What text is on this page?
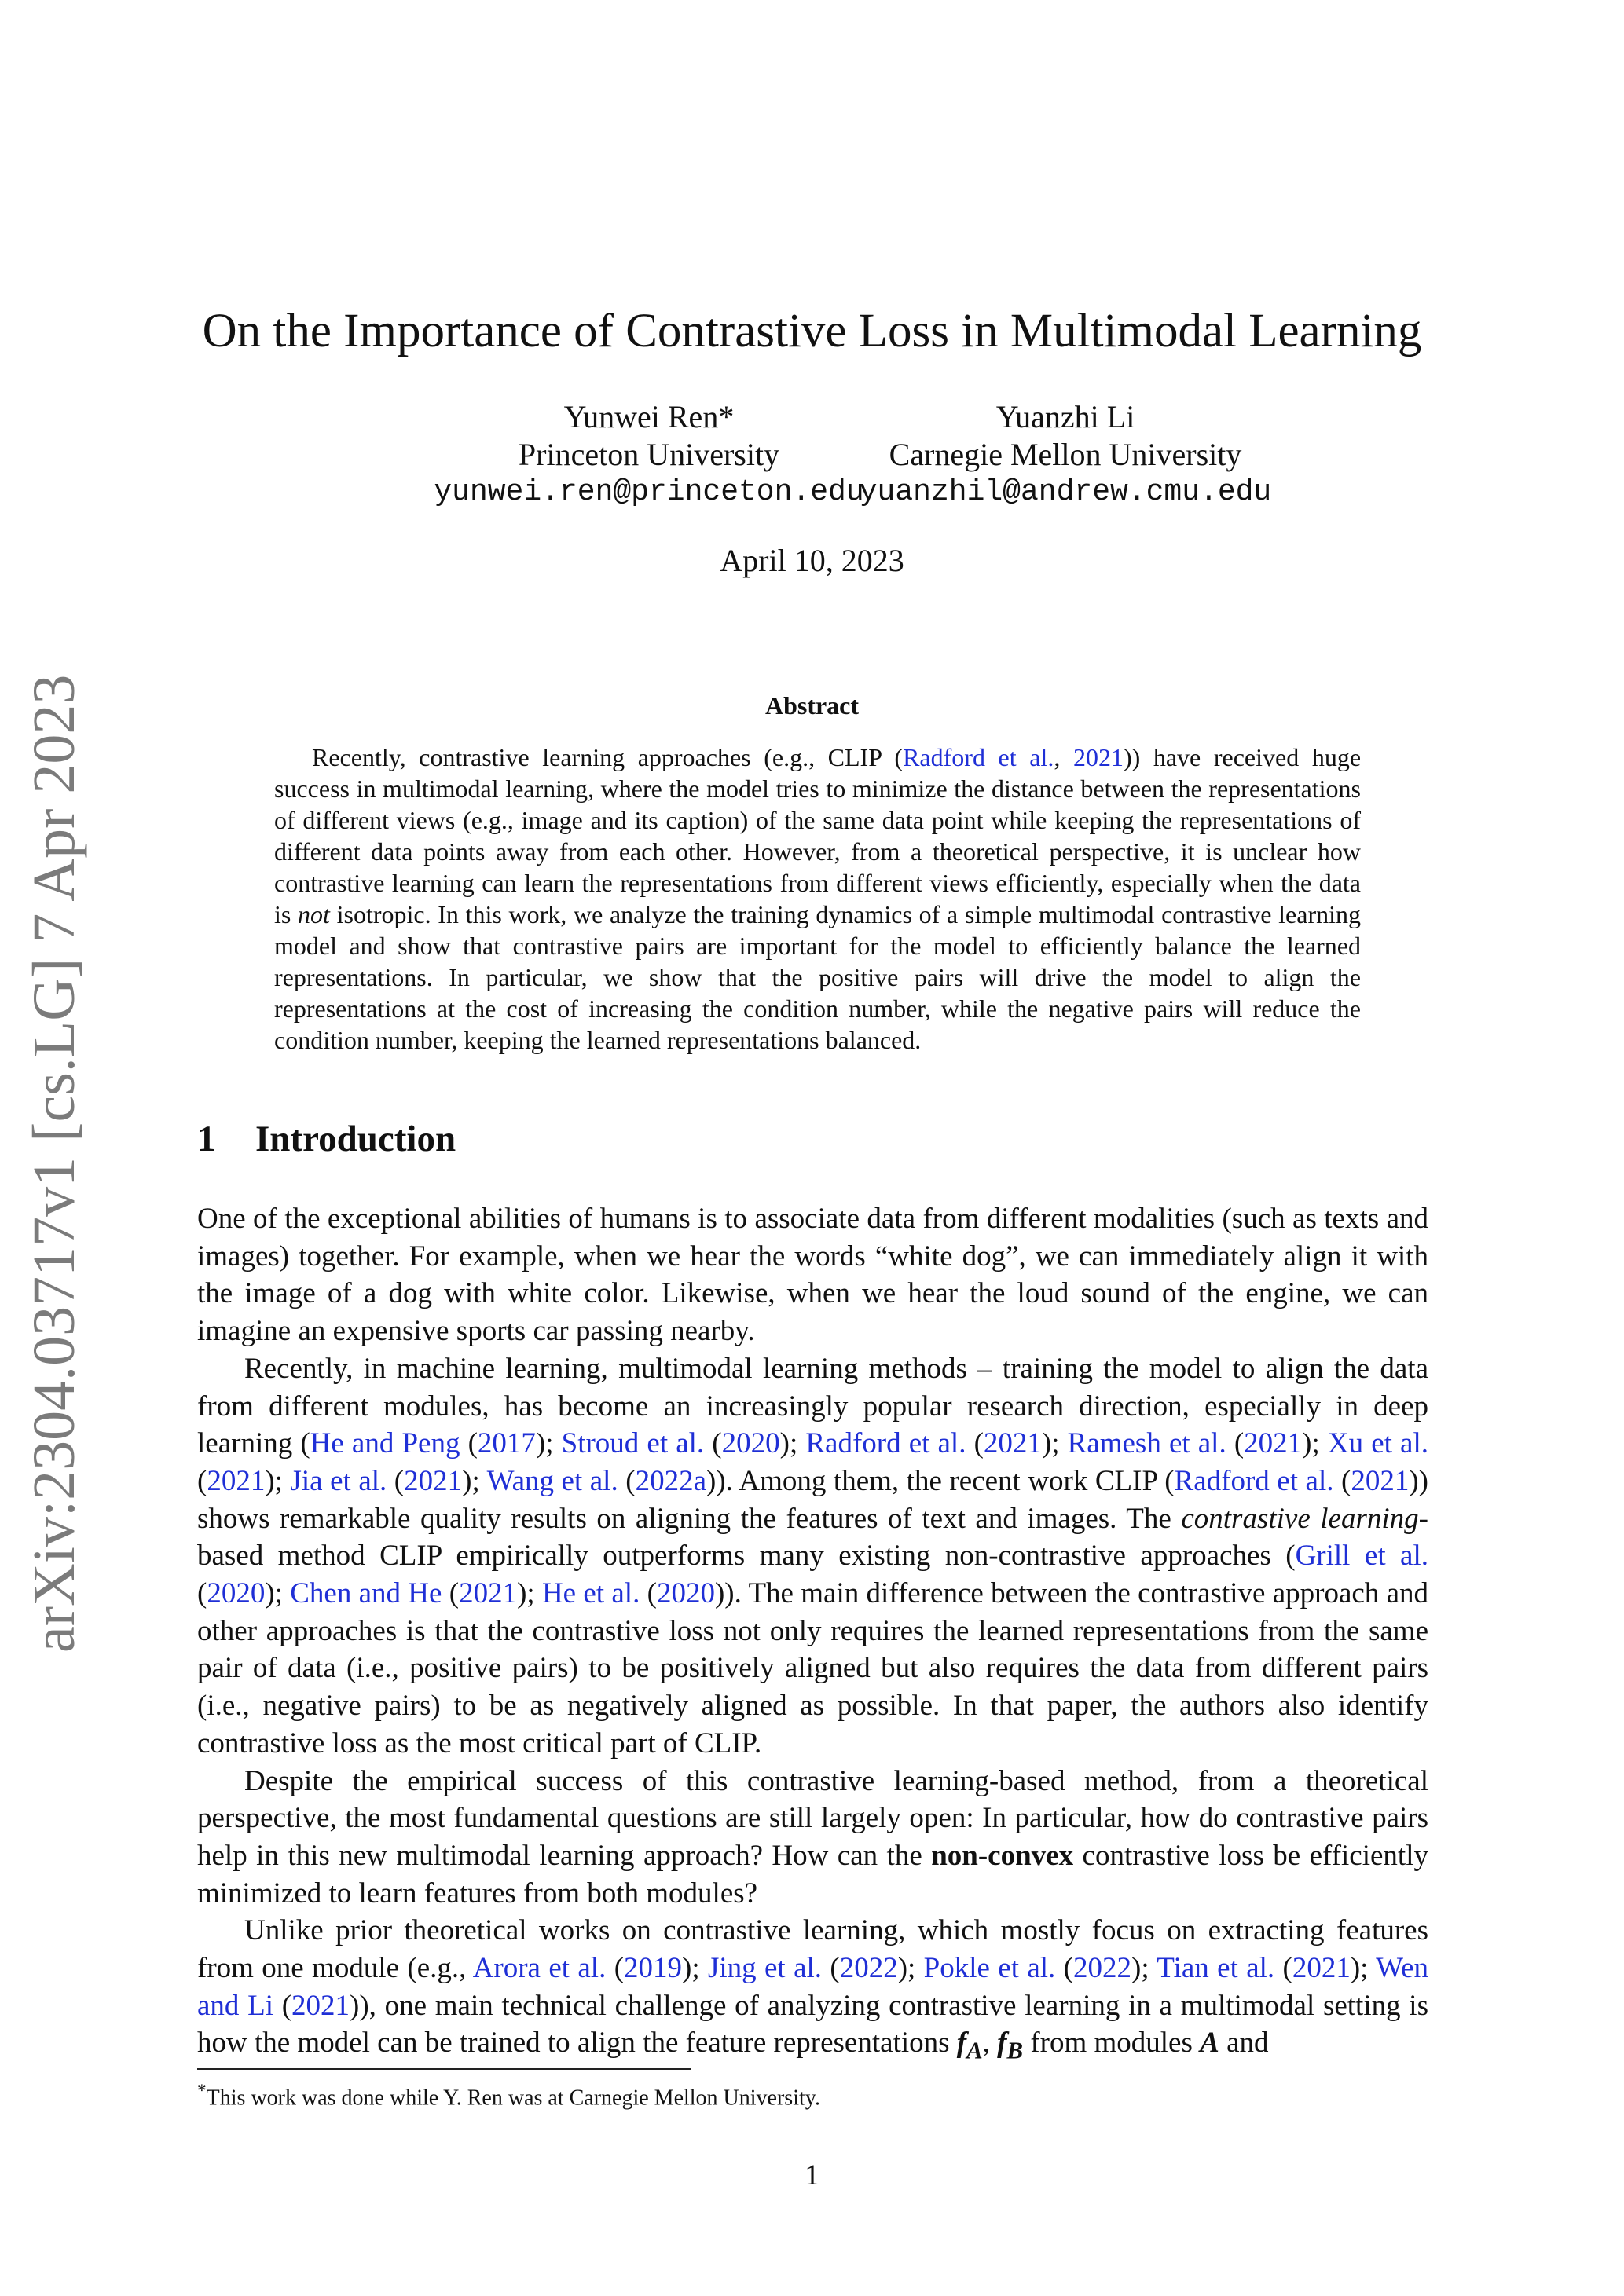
arXiv:2304.03717v1 [cs.LG] 7 Apr 2023
On the Importance of Contrastive Loss in Multimodal Learning
Yunwei Ren*
Princeton University
yunwei.ren@princeton.edu
Yuanzhi Li
Carnegie Mellon University
yuanzhil@andrew.cmu.edu
April 10, 2023
Abstract

Recently, contrastive learning approaches (e.g., CLIP (Radford et al., 2021)) have received huge success in multimodal learning, where the model tries to minimize the distance between the representations of different views (e.g., image and its caption) of the same data point while keeping the representations of different data points away from each other. However, from a theoretical perspective, it is unclear how contrastive learning can learn the representations from different views efficiently, especially when the data is not isotropic. In this work, we analyze the training dynamics of a simple multimodal contrastive learning model and show that contrastive pairs are important for the model to efficiently balance the learned representations. In particular, we show that the positive pairs will drive the model to align the representations at the cost of increasing the condition number, while the negative pairs will reduce the condition number, keeping the learned representations balanced.

1 Introduction

One of the exceptional abilities of humans is to associate data from different modalities (such as texts and images) together. For example, when we hear the words “white dog”, we can immediately align it with the image of a dog with white color. Likewise, when we hear the loud sound of the engine, we can imagine an expensive sports car passing nearby.

Recently, in machine learning, multimodal learning methods – training the model to align the data from different modules, has become an increasingly popular research direction, especially in deep learning (He and Peng (2017); Stroud et al. (2020); Radford et al. (2021); Ramesh et al. (2021); Xu et al. (2021); Jia et al. (2021); Wang et al. (2022a)). Among them, the recent work CLIP (Radford et al. (2021)) shows remarkable quality results on aligning the features of text and images. The contrastive learning-based method CLIP empirically outperforms many existing non-contrastive approaches (Grill et al. (2020); Chen and He (2021); He et al. (2020)). The main difference between the contrastive approach and other approaches is that the contrastive loss not only requires the learned representations from the same pair of data (i.e., positive pairs) to be positively aligned but also requires the data from different pairs (i.e., negative pairs) to be as negatively aligned as possible. In that paper, the authors also identify contrastive loss as the most critical part of CLIP.

Despite the empirical success of this contrastive learning-based method, from a theoretical perspective, the most fundamental questions are still largely open: In particular, how do contrastive pairs help in this new multimodal learning approach? How can the non-convex contrastive loss be efficiently minimized to learn features from both modules?

Unlike prior theoretical works on contrastive learning, which mostly focus on extracting features from one module (e.g., Arora et al. (2019); Jing et al. (2022); Pokle et al. (2022); Tian et al. (2021); Wen and Li (2021)), one main technical challenge of analyzing contrastive learning in a multimodal setting is how the model can be trained to align the feature representations $f_A$, $f_B$ from modules A and

*This work was done while Y. Ren was at Carnegie Mellon University.
1
